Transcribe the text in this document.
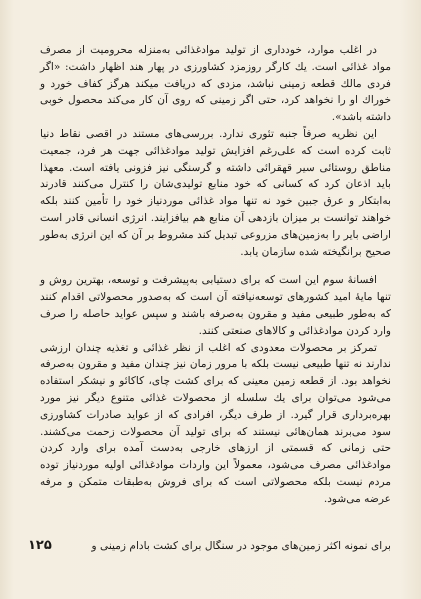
در اغلب موارد، خودداری از تولید موادغذائی به‌منزله محرومیت از مصرف مواد غذائی است. یك كارگر روزمزد كشاورزی در پهار هند اظهار داشت: «اگر فردی مالك قطعه زمینی نباشد، مزدی كه دریافت میكند هرگز كفاف خورد و خوراك او را نخواهد كرد، حتی اگر زمینی كه روی آن كار می‌كند محصول خوبی داشته باشد».

این نظریه صرفاً جنبه تئوری ندارد. بررسی‌های مستند در اقصی نقاط دنیا ثابت كرده است كه علی‌رغم افزایش تولید موادغذائی جهت هر فرد، جمعیت مناطق روستائی سیر قهقرائی داشته و گرسنگی نیز فزونی یافته است. معهذا باید اذعان كرد كه كسانی كه خود منابع تولیدی‌شان را كنترل می‌كنند قادرند به‌ابتكار و عرق جبین خود نه تنها مواد غذائی موردنیاز خود را تأمین كنند بلكه خواهند توانست بر میزان بازدهی آن منابع هم بیافزایند. انرژی انسانی قادر است اراضی بایر را به‌زمین‌های مزروعی تبدیل كند مشروط بر آن كه این انرژی به‌طور صحیح برانگیخته شده سازمان یابد.

افسانهٔ سوم این است كه برای دستیابی به‌پیشرفت و توسعه، بهترین روش و تنها مایهٔ امید كشورهای توسعه‌نیافته آن است كه به‌صدور محصولاتی اقدام كنند كه به‌طور طبیعی مفید و مقرون به‌صرفه باشند و سپس عواید حاصله را صرف وارد كردن موادغذائی و كالاهای صنعتی كنند.

تمركز بر محصولات معدودی كه اغلب از نظر غذائی و تغذیه چندان ارزشی ندارند نه تنها طبیعی نیست بلكه با مرور زمان نیز چندان مفید و مقرون به‌صرفه نخواهد بود. از قطعه زمین معینی كه برای كشت چای، كاكائو و نیشكر استفاده می‌شود می‌توان برای یك سلسله از محصولات غذائی متنوع دیگر نیز مورد بهره‌برداری قرار گیرد. از طرف دیگر، افرادی كه از عواید صادرات كشاورزی سود می‌برند همان‌هائی نیستند كه برای تولید آن محصولات زحمت می‌كشند. حتی زمانی كه قسمتی از ارزهای خارجی به‌دست آمده برای وارد كردن موادغذائی مصرف می‌شود، معمولاً این واردات موادغذائی اولیه موردنیاز توده مردم نیست بلكه محصولاتی است كه برای فروش به‌طبقات متمكن و مرفه عرضه می‌شود.

۱۲۵	برای نمونه اكثر زمین‌های موجود در سنگال برای كشت بادام زمینی و
